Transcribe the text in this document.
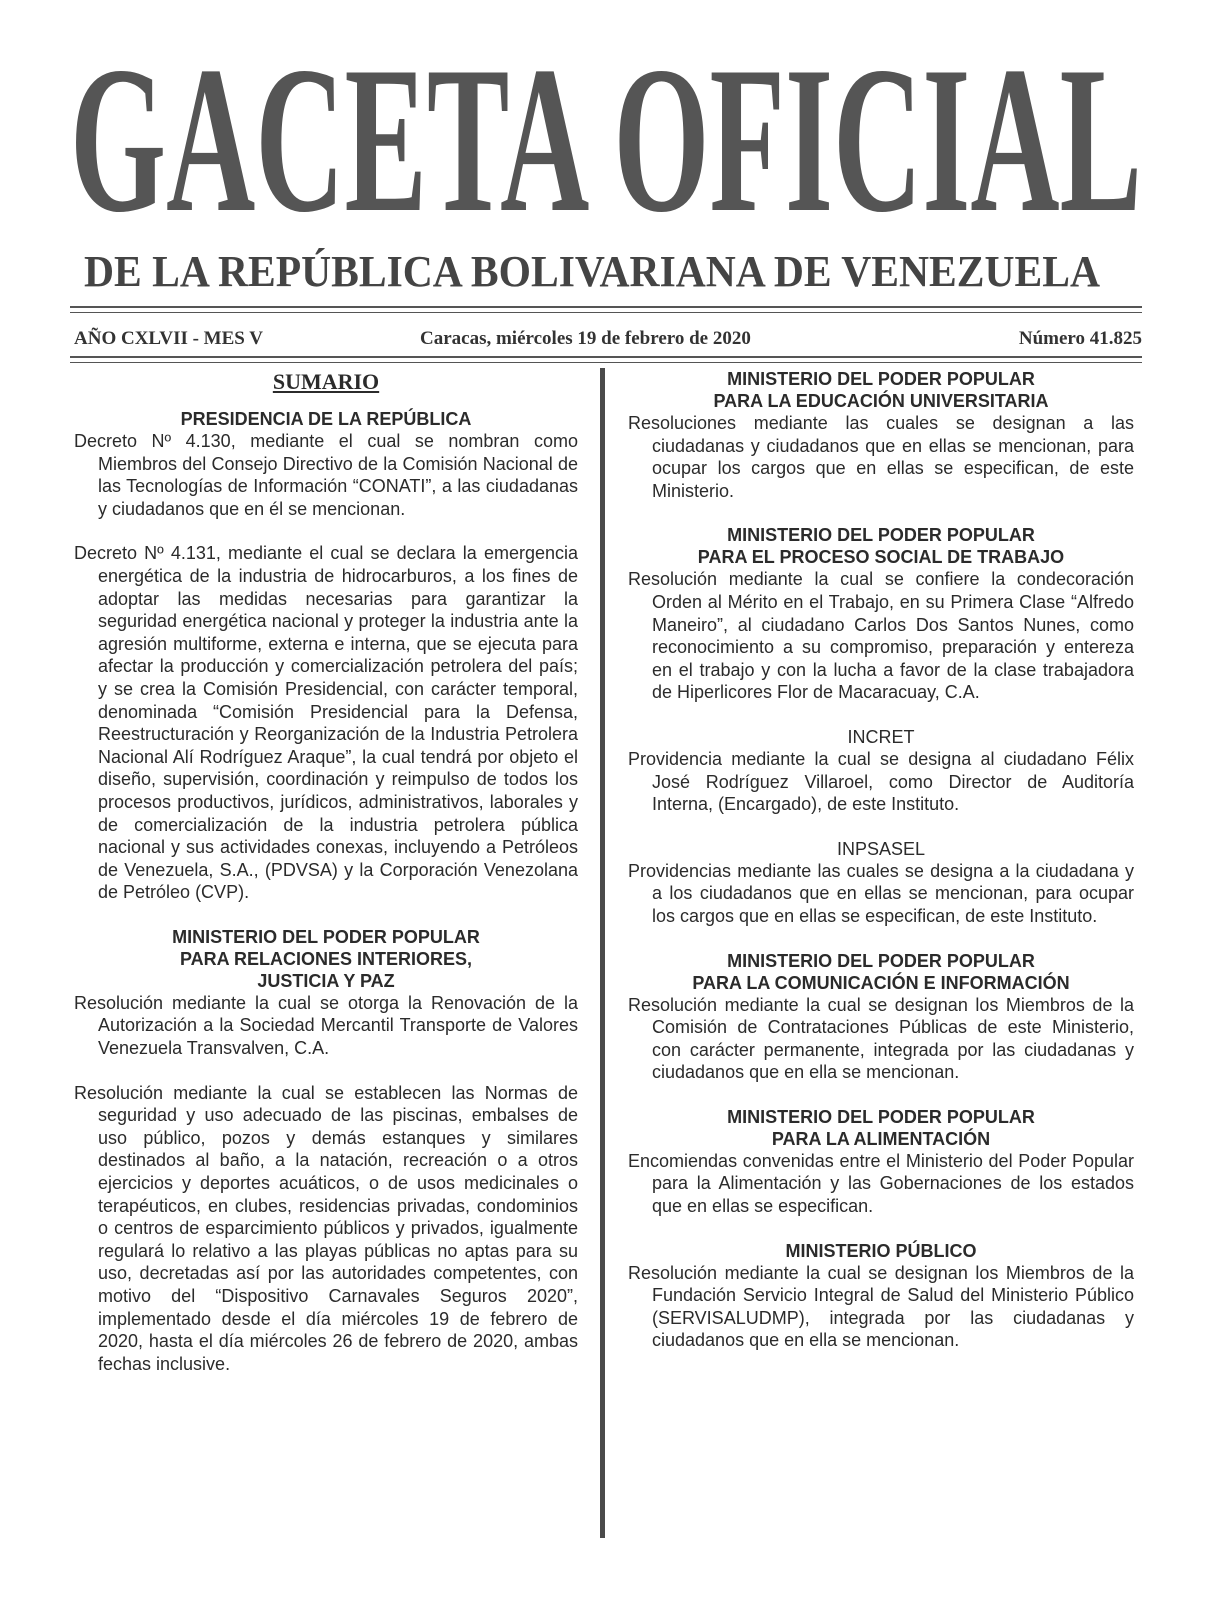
GACETA OFICIAL
DE LA REPÚBLICA BOLIVARIANA DE VENEZUELA
AÑO CXLVII - MES V	Caracas, miércoles 19 de febrero de 2020	Número 41.825

SUMARIO

PRESIDENCIA DE LA REPÚBLICA

Decreto Nº 4.130, mediante el cual se nombran como Miembros del Consejo Directivo de la Comisión Nacional de las Tecnologías de Información “CONATI”, a las ciudadanas y ciudadanos que en él se mencionan.

Decreto Nº 4.131, mediante el cual se declara la emergencia energética de la industria de hidrocarburos, a los fines de adoptar las medidas necesarias para garantizar la seguridad energética nacional y proteger la industria ante la agresión multiforme, externa e interna, que se ejecuta para afectar la producción y comercialización petrolera del país; y se crea la Comisión Presidencial, con carácter temporal, denominada “Comisión Presidencial para la Defensa, Reestructuración y Reorganización de la Industria Petrolera Nacional Alí Rodríguez Araque”, la cual tendrá por objeto el diseño, supervisión, coordinación y reimpulso de todos los procesos productivos, jurídicos, administrativos, laborales y de comercialización de la industria petrolera pública nacional y sus actividades conexas, incluyendo a Petróleos de Venezuela, S.A., (PDVSA) y la Corporación Venezolana de Petróleo (CVP).

MINISTERIO DEL PODER POPULAR

PARA RELACIONES INTERIORES,

JUSTICIA Y PAZ

Resolución mediante la cual se otorga la Renovación de la Autorización a la Sociedad Mercantil Transporte de Valores Venezuela Transvalven, C.A.

Resolución mediante la cual se establecen las Normas de seguridad y uso adecuado de las piscinas, embalses de uso público, pozos y demás estanques y similares destinados al baño, a la natación, recreación o a otros ejercicios y deportes acuáticos, o de usos medicinales o terapéuticos, en clubes, residencias privadas, condominios o centros de esparcimiento públicos y privados, igualmente regulará lo relativo a las playas públicas no aptas para su uso, decretadas así por las autoridades competentes, con motivo del “Dispositivo Carnavales Seguros 2020”, implementado desde el día miércoles 19 de febrero de 2020, hasta el día miércoles 26 de febrero de 2020, ambas fechas inclusive.

MINISTERIO DEL PODER POPULAR

PARA LA EDUCACIÓN UNIVERSITARIA

Resoluciones mediante las cuales se designan a las ciudadanas y ciudadanos que en ellas se mencionan, para ocupar los cargos que en ellas se especifican, de este Ministerio.

MINISTERIO DEL PODER POPULAR

PARA EL PROCESO SOCIAL DE TRABAJO

Resolución mediante la cual se confiere la condecoración Orden al Mérito en el Trabajo, en su Primera Clase “Alfredo Maneiro”, al ciudadano Carlos Dos Santos Nunes, como reconocimiento a su compromiso, preparación y entereza en el trabajo y con la lucha a favor de la clase trabajadora de Hiperlicores Flor de Macaracuay, C.A.

INCRET

Providencia mediante la cual se designa al ciudadano Félix José Rodríguez Villaroel, como Director de Auditoría Interna, (Encargado), de este Instituto.

INPSASEL

Providencias mediante las cuales se designa a la ciudadana y a los ciudadanos que en ellas se mencionan, para ocupar los cargos que en ellas se especifican, de este Instituto.

MINISTERIO DEL PODER POPULAR

PARA LA COMUNICACIÓN E INFORMACIÓN

Resolución mediante la cual se designan los Miembros de la Comisión de Contrataciones Públicas de este Ministerio, con carácter permanente, integrada por las ciudadanas y ciudadanos que en ella se mencionan.

MINISTERIO DEL PODER POPULAR

PARA LA ALIMENTACIÓN

Encomiendas convenidas entre el Ministerio del Poder Popular para la Alimentación y las Gobernaciones de los estados que en ellas se especifican.

MINISTERIO PÚBLICO

Resolución mediante la cual se designan los Miembros de la Fundación Servicio Integral de Salud del Ministerio Público (SERVISALUDMP), integrada por las ciudadanas y ciudadanos que en ella se mencionan.
